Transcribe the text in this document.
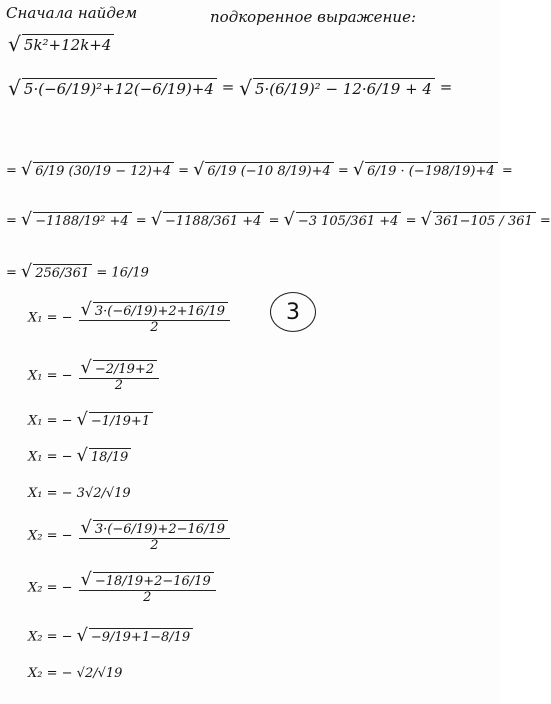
Сначала найдем	подкоренное выражение:
√ 5k²+12k+4
√ 5·(−6/19)²+12(−6/19)+4 = √ 5·(6/19)² − 12·6/19 + 4 =
= √ 6/19 (30/19 − 12)+4 = √ 6/19 (−10 8/19)+4 = √ 6/19 · (−198/19)+4 =
= √ −1188/19² +4 = √ −1188/361 +4 = √ −3 105/361 +4 = √ 361−105 / 361 =
= √ 256/361 = 16/19
3
X₁ = − $\frac{√ 3\cdot(-6/19)+2+16/19}{2}$
X₁ = − $\frac{√ -2/19+2}{2}$
X₁ = − √ −1/19+1
X₁ = − √ 18/19
X₁ = − 3√2/√19
X₂ = − $\frac{√ 3\cdot(-6/19)+2-16/19}{2}$
X₂ = − $\frac{√ -18/19+2-16/19}{2}$
X₂ = − √ −9/19+1−8/19
X₂ = − √2/√19
